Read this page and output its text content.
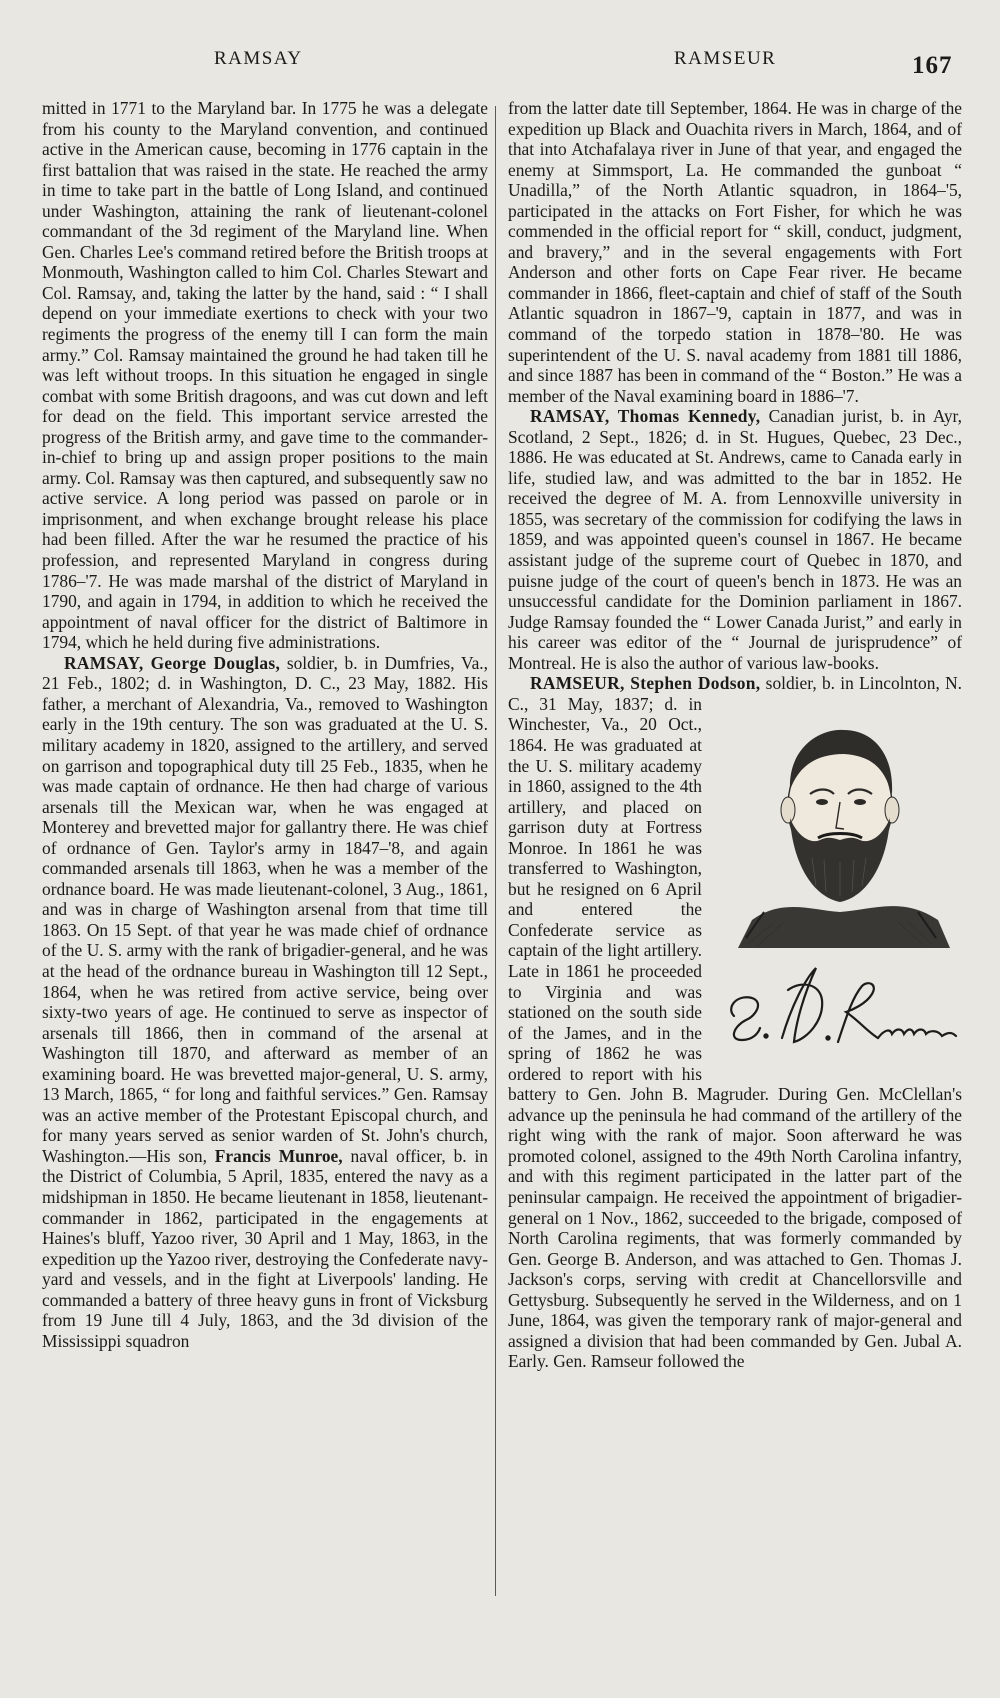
RAMSAY	RAMSEUR	167

mitted in 1771 to the Maryland bar. In 1775 he was a delegate from his county to the Maryland convention, and continued active in the American cause, becoming in 1776 captain in the first battalion that was raised in the state. He reached the army in time to take part in the battle of Long Island, and continued under Washington, attaining the rank of lieutenant-colonel commandant of the 3d regiment of the Maryland line. When Gen. Charles Lee's command retired before the British troops at Monmouth, Washington called to him Col. Charles Stewart and Col. Ramsay, and, taking the latter by the hand, said : “ I shall depend on your immediate exertions to check with your two regiments the progress of the enemy till I can form the main army.” Col. Ramsay maintained the ground he had taken till he was left without troops. In this situation he engaged in single combat with some British dragoons, and was cut down and left for dead on the field. This important service arrested the progress of the British army, and gave time to the commander-in-chief to bring up and assign proper positions to the main army. Col. Ramsay was then captured, and subsequently saw no active service. A long period was passed on parole or in imprisonment, and when exchange brought release his place had been filled. After the war he resumed the practice of his profession, and represented Maryland in congress during 1786–'7. He was made marshal of the district of Maryland in 1790, and again in 1794, in addition to which he received the appointment of naval officer for the district of Baltimore in 1794, which he held during five administrations.

RAMSAY, George Douglas, soldier, b. in Dumfries, Va., 21 Feb., 1802; d. in Washington, D. C., 23 May, 1882. His father, a merchant of Alexandria, Va., removed to Washington early in the 19th century. The son was graduated at the U. S. military academy in 1820, assigned to the artillery, and served on garrison and topographical duty till 25 Feb., 1835, when he was made captain of ordnance. He then had charge of various arsenals till the Mexican war, when he was engaged at Monterey and brevetted major for gallantry there. He was chief of ordnance of Gen. Taylor's army in 1847–'8, and again commanded arsenals till 1863, when he was a member of the ordnance board. He was made lieutenant-colonel, 3 Aug., 1861, and was in charge of Washington arsenal from that time till 1863. On 15 Sept. of that year he was made chief of ordnance of the U. S. army with the rank of brigadier-general, and he was at the head of the ordnance bureau in Washington till 12 Sept., 1864, when he was retired from active service, being over sixty-two years of age. He continued to serve as inspector of arsenals till 1866, then in command of the arsenal at Washington till 1870, and afterward as member of an examining board. He was brevetted major-general, U. S. army, 13 March, 1865, “ for long and faithful services.” Gen. Ramsay was an active member of the Protestant Episcopal church, and for many years served as senior warden of St. John's church, Washington.—His son, Francis Munroe, naval officer, b. in the District of Columbia, 5 April, 1835, entered the navy as a midshipman in 1850. He became lieutenant in 1858, lieutenant-commander in 1862, participated in the engagements at Haines's bluff, Yazoo river, 30 April and 1 May, 1863, in the expedition up the Yazoo river, destroying the Confederate navy-yard and vessels, and in the fight at Liverpools' landing. He commanded a battery of three heavy guns in front of Vicksburg from 19 June till 4 July, 1863, and the 3d division of the Mississippi squadron

from the latter date till September, 1864. He was in charge of the expedition up Black and Ouachita rivers in March, 1864, and of that into Atchafalaya river in June of that year, and engaged the enemy at Simmsport, La. He commanded the gunboat “ Unadilla,” of the North Atlantic squadron, in 1864–'5, participated in the attacks on Fort Fisher, for which he was commended in the official report for “ skill, conduct, judgment, and bravery,” and in the several engagements with Fort Anderson and other forts on Cape Fear river. He became commander in 1866, fleet-captain and chief of staff of the South Atlantic squadron in 1867–'9, captain in 1877, and was in command of the torpedo station in 1878–'80. He was superintendent of the U. S. naval academy from 1881 till 1886, and since 1887 has been in command of the “ Boston.” He was a member of the Naval examining board in 1886–'7.

RAMSAY, Thomas Kennedy, Canadian jurist, b. in Ayr, Scotland, 2 Sept., 1826; d. in St. Hugues, Quebec, 23 Dec., 1886. He was educated at St. Andrews, came to Canada early in life, studied law, and was admitted to the bar in 1852. He received the degree of M. A. from Lennoxville university in 1855, was secretary of the commission for codifying the laws in 1859, and was appointed queen's counsel in 1867. He became assistant judge of the supreme court of Quebec in 1870, and puisne judge of the court of queen's bench in 1873. He was an unsuccessful candidate for the Dominion parliament in 1867. Judge Ramsay founded the “ Lower Canada Jurist,” and early in his career was editor of the “ Journal de jurisprudence” of Montreal. He is also the author of various law-books.

RAMSEUR, Stephen Dodson,
soldier, b. in Lincolnton, N. C., 31 May, 1837; d. in Winchester, Va., 20 Oct., 1864. He was graduated at the U. S. military academy in 1860, assigned to the 4th artillery, and placed on garrison duty at Fortress Monroe. In 1861 he was transferred to Washington, but he resigned on 6 April and entered the Confederate service as captain of the light artillery. Late in 1861 he proceeded to Virginia and was stationed on the south side of the James, and in the spring of 1862 he was ordered to report with his battery to Gen. John B. Magruder. During Gen. McClellan's advance up the peninsula he had command of the artillery of the right wing with the rank of major. Soon afterward he was promoted colonel, assigned to the 49th North Carolina infantry, and with this regiment participated in the latter part of the peninsular campaign. He received the appointment of brigadier-general on 1 Nov., 1862, succeeded to the brigade, composed of North Carolina regiments, that was formerly commanded by Gen. George B. Anderson, and was attached to Gen. Thomas J. Jackson's corps, serving with credit at Chancellorsville and Gettysburg. Subsequently he served in the Wilderness, and on 1 June, 1864, was given the temporary rank of major-general and assigned a division that had been commanded by Gen. Jubal A. Early. Gen. Ramseur followed the
